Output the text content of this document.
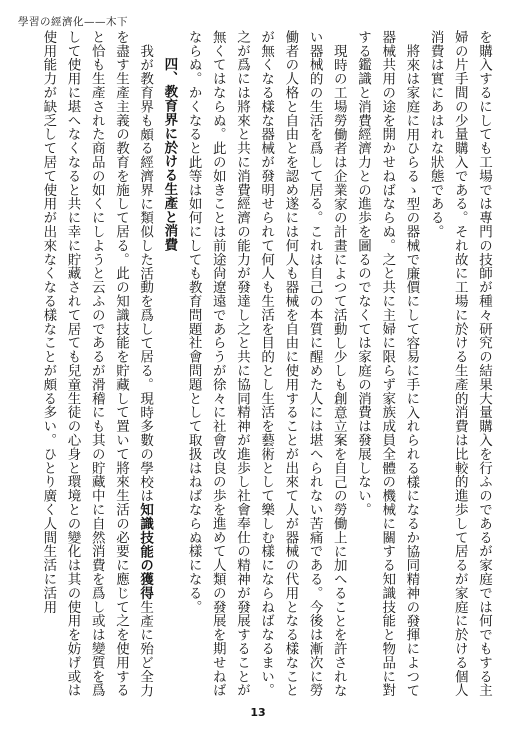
學習の經濟化——木下

を購入するにしても工場では專門の技師が種々研究の結果大量購入を行ふのであるが家庭では何でもする主婦の片手間の少量購入である。それ故に工場に於ける生產的消費は比較的進歩して居るが家庭に於ける個人消費は實にあはれな狀態である。

將來は家庭に用ひらるゝ型の器械で廉價にして容易に手に入れられる樣になるか協同精神の發揮によつて器械共用の途を開かせねばならぬ。之と共に主婦に限らず家族成員全體の機械に關する知識技能と物品に對する鑑識と消費經濟力との進歩を圖るのでなくては家庭の消費は發展しない。

現時の工場勞働者は企業家の計畫によつて活動し少しも創意立案を自己の勞働上に加へることを許されない器械的の生活を爲して居る。これは自己の本質に醒めた人には堪へられない苦痛である。今後は漸次に勞働者の人格と自由とを認め遂には何人も器械を自由に使用することが出來て人が器械の代用となる樣なことが無くなる樣な器械が發明せられて何人も生活を目的とし生活を藝術として樂しむ樣にならねばなるまい。之が爲には將來と共に消費經濟の能力が發達し之と共に協同精神が進歩し社會奉仕の精神が發展することが無くてはならぬ。此の如きことは前途尙遼遠であらうが徐々に社會改良の歩を進めて人類の發展を期せねばならぬ。かくなると此等は如何にしても教育問題社會問題として取扱はねばならぬ樣になる。

四、教育界に於ける生產と消費

我が教育界も頗る經濟界に類似した活動を爲して居る。現時多數の學校は知識技能の獲得生產に殆ど全力を盡す生產主義の教育を施して居る。此の知識技能を貯藏して置いて將來生活の必要に應じて之を使用すると恰も生產された商品の如くにしようと云ふのであるが滑稽にも其の貯藏中に自然消費を爲し或は變質を爲して使用に堪へなくなると共に幸に貯藏されて居ても兒童生徒の心身と環境との變化は其の使用を妨げ或は使用能力が缺乏して居て使用が出來なくなる樣なことが頗る多い。ひとり廣く人間生活に活用

13
